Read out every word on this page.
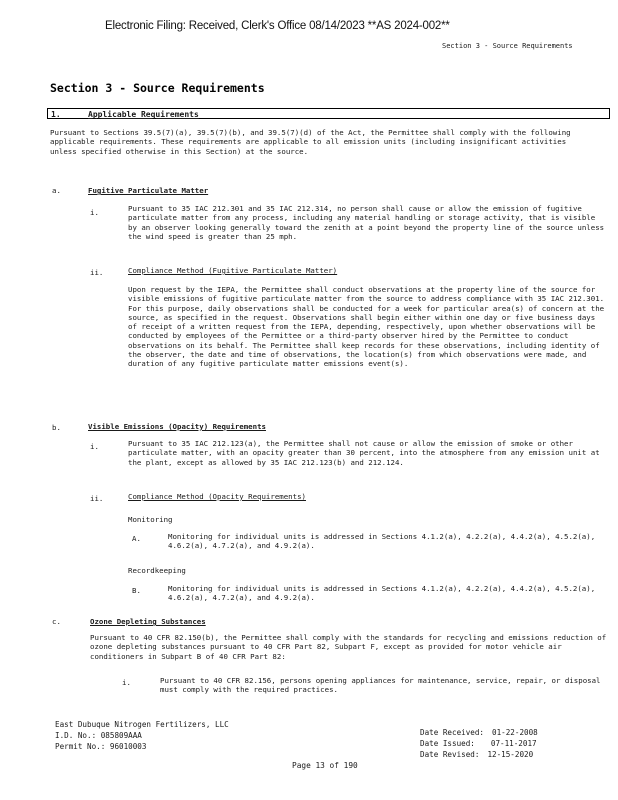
Electronic Filing: Received, Clerk's Office 08/14/2023 **AS 2024-002**
Section 3 - Source Requirements
Section 3 - Source Requirements
1.	Applicable Requirements
Pursuant to Sections 39.5(7)(a), 39.5(7)(b), and 39.5(7)(d) of the Act, the Permittee shall comply with the following applicable requirements. These requirements are applicable to all emission units (including insignificant activities unless specified otherwise in this Section) at the source.
a.	Fugitive Particulate Matter
i.	Pursuant to 35 IAC 212.301 and 35 IAC 212.314, no person shall cause or allow the emission of fugitive particulate matter from any process, including any material handling or storage activity, that is visible by an observer looking generally toward the zenith at a point beyond the property line of the source unless the wind speed is greater than 25 mph.
ii.	Compliance Method (Fugitive Particulate Matter)
Upon request by the IEPA, the Permittee shall conduct observations at the property line of the source for visible emissions of fugitive particulate matter from the source to address compliance with 35 IAC 212.301. For this purpose, daily observations shall be conducted for a week for particular area(s) of concern at the source, as specified in the request. Observations shall begin either within one day or five business days of receipt of a written request from the IEPA, depending, respectively, upon whether observations will be conducted by employees of the Permittee or a third-party observer hired by the Permittee to conduct observations on its behalf. The Permittee shall keep records for these observations, including identity of the observer, the date and time of observations, the location(s) from which observations were made, and duration of any fugitive particulate matter emissions event(s).
b.	Visible Emissions (Opacity) Requirements
i.	Pursuant to 35 IAC 212.123(a), the Permittee shall not cause or allow the emission of smoke or other particulate matter, with an opacity greater than 30 percent, into the atmosphere from any emission unit at the plant, except as allowed by 35 IAC 212.123(b) and 212.124.
ii.	Compliance Method (Opacity Requirements)
Monitoring
A.	Monitoring for individual units is addressed in Sections 4.1.2(a), 4.2.2(a), 4.4.2(a), 4.5.2(a), 4.6.2(a), 4.7.2(a), and 4.9.2(a).
Recordkeeping
B.	Monitoring for individual units is addressed in Sections 4.1.2(a), 4.2.2(a), 4.4.2(a), 4.5.2(a), 4.6.2(a), 4.7.2(a), and 4.9.2(a).
c.	Ozone Depleting Substances
Pursuant to 40 CFR 82.150(b), the Permittee shall comply with the standards for recycling and emissions reduction of ozone depleting substances pursuant to 40 CFR Part 82, Subpart F, except as provided for motor vehicle air conditioners in Subpart B of 40 CFR Part 82:
i.	Pursuant to 40 CFR 82.156, persons opening appliances for maintenance, service, repair, or disposal must comply with the required practices.
East Dubuque Nitrogen Fertilizers, LLC
I.D. No.: 085809AAA
Permit No.: 96010003
Date Received: 01-22-2008
Date Issued: 07-11-2017
Date Revised: 12-15-2020
Page 13 of 190
